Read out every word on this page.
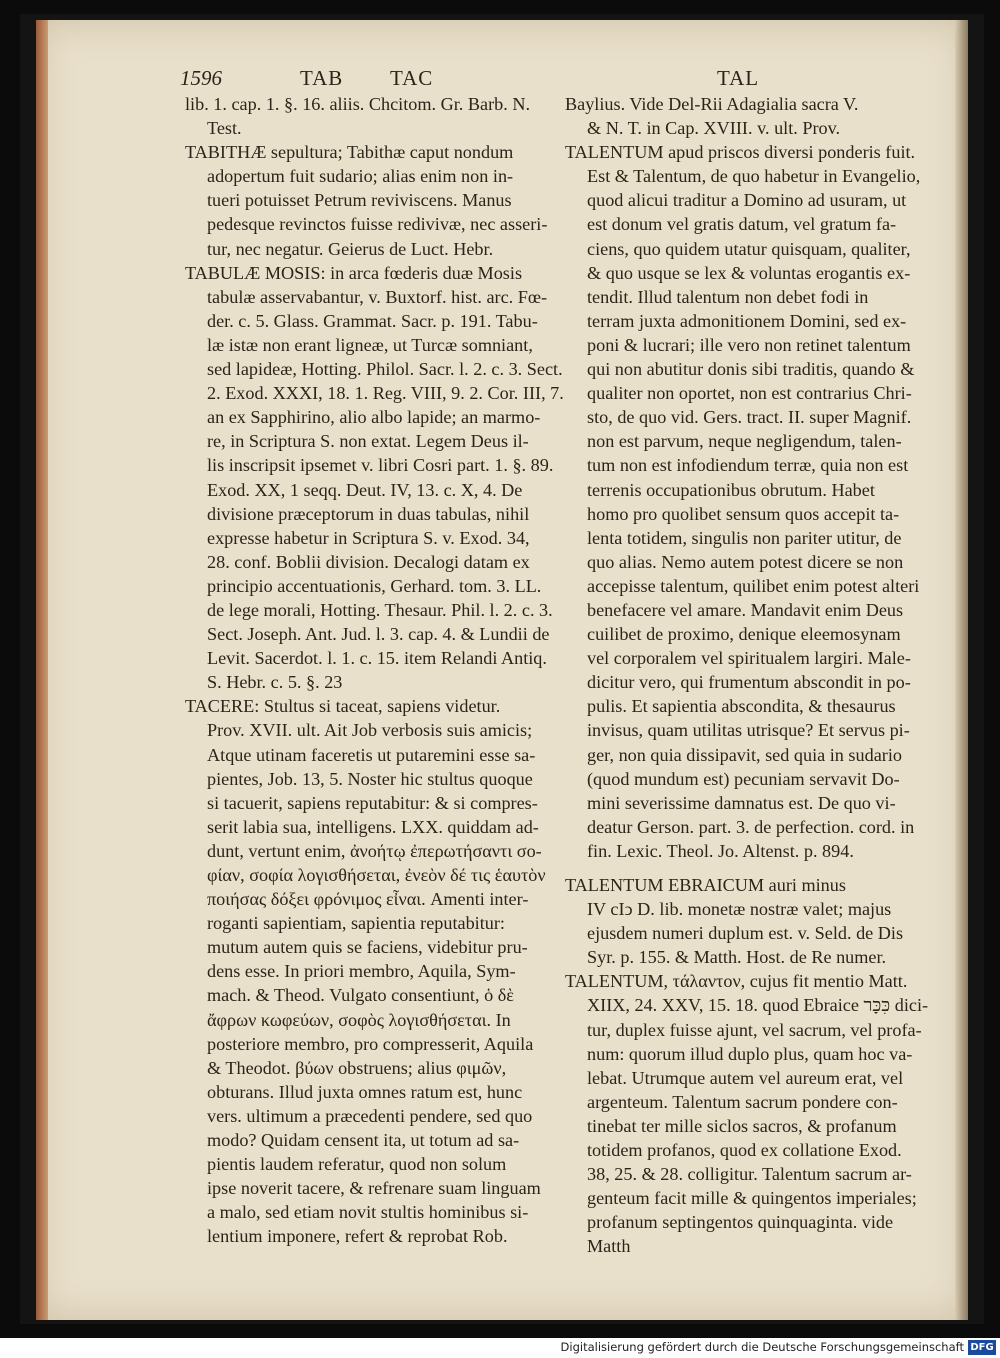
1596	TAB TAC	TAL
lib. 1. cap. 1. §. 16. aliis. Chcitom. Gr. Barb. N.
Test.
TABITHÆ sepultura; Tabithæ caput nondum
adopertum fuit sudario; alias enim non in-
tueri potuisset Petrum reviviscens. Manus
pedesque revinctos fuisse redivivæ, nec asseri-
tur, nec negatur. Geierus de Luct. Hebr.
TABULÆ MOSIS: in arca fœderis duæ Mosis
tabulæ asservabantur, v. Buxtorf. hist. arc. Fœ-
der. c. 5. Glass. Grammat. Sacr. p. 191. Tabu-
læ istæ non erant ligneæ, ut Turcæ somniant,
sed lapideæ, Hotting. Philol. Sacr. l. 2. c. 3. Sect.
2. Exod. XXXI, 18. 1. Reg. VIII, 9. 2. Cor. III, 7.
an ex Sapphirino, alio albo lapide; an marmo-
re, in Scriptura S. non extat. Legem Deus il-
lis inscripsit ipsemet v. libri Cosri part. 1. §. 89.
Exod. XX, 1 seqq. Deut. IV, 13. c. X, 4. De
divisione præceptorum in duas tabulas, nihil
expresse habetur in Scriptura S. v. Exod. 34,
28. conf. Boblii division. Decalogi datam ex
principio accentuationis, Gerhard. tom. 3. LL.
de lege morali, Hotting. Thesaur. Phil. l. 2. c. 3.
Sect. Joseph. Ant. Jud. l. 3. cap. 4. & Lundii de
Levit. Sacerdot. l. 1. c. 15. item Relandi Antiq.
S. Hebr. c. 5. §. 23
TACERE: Stultus si taceat, sapiens videtur.
Prov. XVII. ult. Ait Job verbosis suis amicis;
Atque utinam faceretis ut putaremini esse sa-
pientes, Job. 13, 5. Noster hic stultus quoque
si tacuerit, sapiens reputabitur: & si compres-
serit labia sua, intelligens. LXX. quiddam ad-
dunt, vertunt enim, ἀνοήτῳ ἐπερωτήσαντι σο-
φίαν, σοφία λογισθήσεται, ἐνεὸν δέ τις ἑαυτὸν
ποιήσας δόξει φρόνιμος εἶναι. Amenti inter-
roganti sapientiam, sapientia reputabitur:
mutum autem quis se faciens, videbitur pru-
dens esse. In priori membro, Aquila, Sym-
mach. & Theod. Vulgato consentiunt, ὁ δὲ
ἄφρων κωφεύων, σοφὸς λογισθήσεται. In
posteriore membro, pro compresserit, Aquila
& Theodot. βύων obstruens; alius φιμῶν,
obturans. Illud juxta omnes ratum est, hunc
vers. ultimum a præcedenti pendere, sed quo
modo? Quidam censent ita, ut totum ad sa-
pientis laudem referatur, quod non solum
ipse noverit tacere, & refrenare suam linguam
a malo, sed etiam novit stultis hominibus si-
lentium imponere, refert & reprobat Rob.
Baylius. Vide Del-Rii Adagialia sacra V.
& N. T. in Cap. XVIII. v. ult. Prov.
TALENTUM apud priscos diversi ponderis fuit.
Est & Talentum, de quo habetur in Evangelio,
quod alicui traditur a Domino ad usuram, ut
est donum vel gratis datum, vel gratum fa-
ciens, quo quidem utatur quisquam, qualiter,
& quo usque se lex & voluntas erogantis ex-
tendit. Illud talentum non debet fodi in
terram juxta admonitionem Domini, sed ex-
poni & lucrari; ille vero non retinet talentum
qui non abutitur donis sibi traditis, quando &
qualiter non oportet, non est contrarius Chri-
sto, de quo vid. Gers. tract. II. super Magnif.
non est parvum, neque negligendum, talen-
tum non est infodiendum terræ, quia non est
terrenis occupationibus obrutum. Habet
homo pro quolibet sensum quos accepit ta-
lenta totidem, singulis non pariter utitur, de
quo alias. Nemo autem potest dicere se non
accepisse talentum, quilibet enim potest alteri
benefacere vel amare. Mandavit enim Deus
cuilibet de proximo, denique eleemosynam
vel corporalem vel spiritualem largiri. Male-
dicitur vero, qui frumentum abscondit in po-
pulis. Et sapientia abscondita, & thesaurus
invisus, quam utilitas utrisque? Et servus pi-
ger, non quia dissipavit, sed quia in sudario
(quod mundum est) pecuniam servavit Do-
mini severissime damnatus est. De quo vi-
deatur Gerson. part. 3. de perfection. cord. in
fin. Lexic. Theol. Jo. Altenst. p. 894.
TALENTUM EBRAICUM auri minus
IV cIↄ D. lib. monetæ nostræ valet; majus
ejusdem numeri duplum est. v. Seld. de Dis
Syr. p. 155. & Matth. Host. de Re numer.
TALENTUM, τάλαντον, cujus fit mentio Matt.
XIIX, 24. XXV, 15. 18. quod Ebraice כִּכָּר dici-
tur, duplex fuisse ajunt, vel sacrum, vel profa-
num: quorum illud duplo plus, quam hoc va-
lebat. Utrumque autem vel aureum erat, vel
argenteum. Talentum sacrum pondere con-
tinebat ter mille siclos sacros, & profanum
totidem profanos, quod ex collatione Exod.
38, 25. & 28. colligitur. Talentum sacrum ar-
genteum facit mille & quingentos imperiales;
profanum septingentos quinquaginta. vide
Matth
Digitalisierung gefördert durch die Deutsche Forschungsgemeinschaft DFG
